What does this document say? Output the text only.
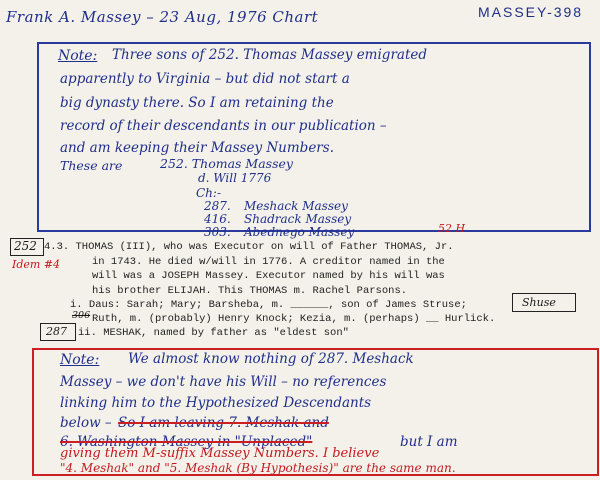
Frank A. Massey – 23 Aug, 1976 Chart	MASSEY-398
Note: Three sons of 252. Thomas Massey emigrated
apparently to Virginia – but did not start a
big dynasty there. So I am retaining the
record of their descendants in our publication –
and am keeping their Massey Numbers.
These are	252. Thomas Massey
d. Will 1776
Ch:-
287. Meshack Massey
416. Shadrack Massey
303. Abednego Massey
252
Idem #4
52 H
4.3. THOMAS (III), who was Executor on will of Father THOMAS, Jr.
in 1743. He died w/will in 1776. A creditor named in the
will was a JOSEPH Massey. Executor named by his will was
his brother ELIJAH. This THOMAS m. Rachel Parsons.
i. Daus: Sarah; Mary; Barsheba, m. ______, son of James Struse;	Shuse
306 Ruth, m. (probably) Henry Knock; Kezia, m. (perhaps) __ Hurlick.
287 ii. MESHAK, named by father as "eldest son"
Note: We almost know nothing of 287. Meshack
Massey – we don't have his Will – no references
linking him to the Hypothesized Descendants
below – So I am leaving 7. Meshak and
6. Washington Massey in "Unplaced"	but I am
giving them M-suffix Massey Numbers. I believe
"4. Meshak" and "5. Meshak (By Hypothesis)" are the same man.
